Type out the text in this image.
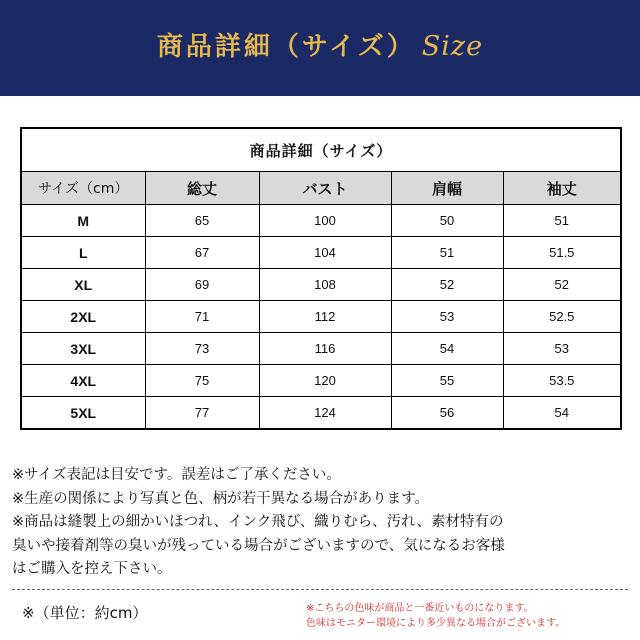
商品詳細（サイズ） Size
商品詳細（サイズ）				
サイズ（cm）	総丈	バスト	肩幅	袖丈
M	65	100	50	51
L	67	104	51	51.5
XL	69	108	52	52
2XL	71	112	53	52.5
3XL	73	116	54	53
4XL	75	120	55	53.5
5XL	77	124	56	54

※サイズ表記は目安です。誤差はご了承ください。

※生産の関係により写真と色、柄が若干異なる場合があります。

※商品は縫製上の細かいほつれ、インク飛び、織りむら、汚れ、素材特有の
臭いや接着剤等の臭いが残っている場合がございますので、気になるお客様
はご購入を控え下さい。

※（単位：約cm）	※こちらの色味が商品と一番近いものになります。
色味はモニター環境により多少異なる場合がございます。
